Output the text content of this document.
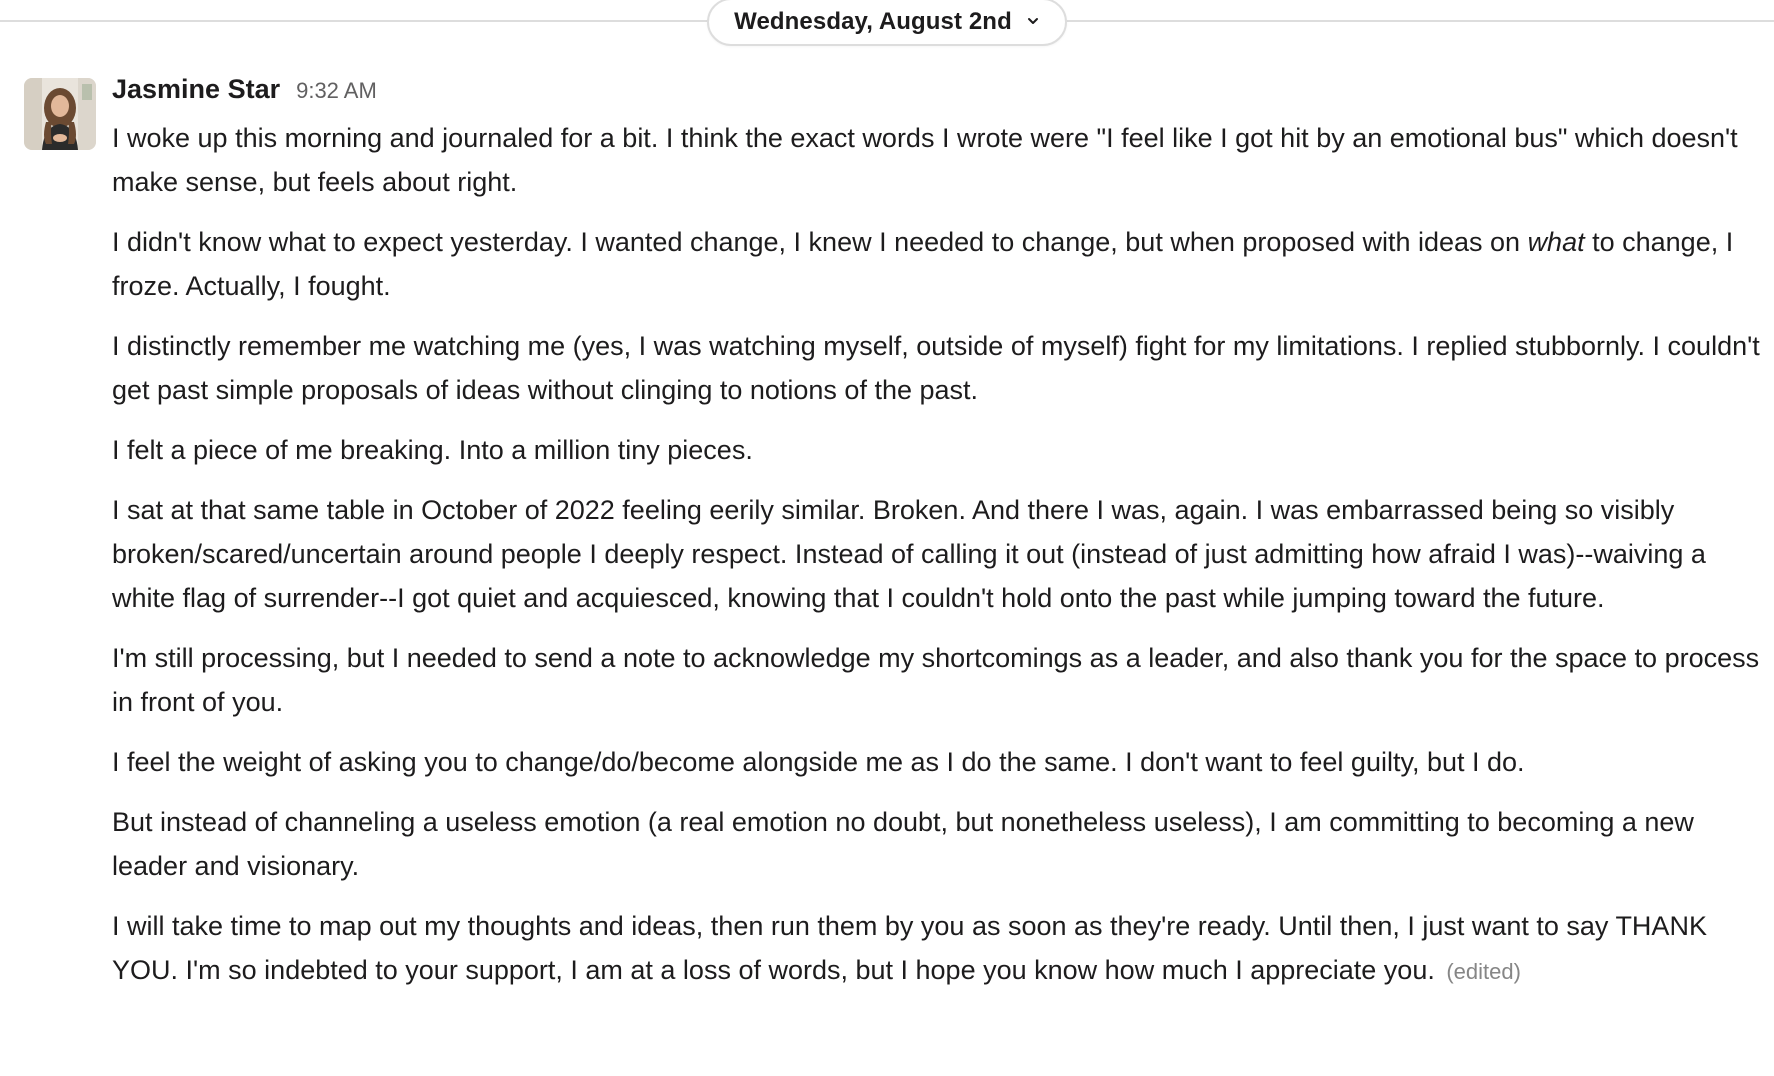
Wednesday, August 2nd
Jasmine Star 9:32 AM

I woke up this morning and journaled for a bit. I think the exact words I wrote were "I feel like I got hit by an emotional bus" which doesn't make sense, but feels about right.

I didn't know what to expect yesterday. I wanted change, I knew I needed to change, but when proposed with ideas on what to change, I froze. Actually, I fought.

I distinctly remember me watching me (yes, I was watching myself, outside of myself) fight for my limitations. I replied stubbornly. I couldn't get past simple proposals of ideas without clinging to notions of the past.

I felt a piece of me breaking. Into a million tiny pieces.

I sat at that same table in October of 2022 feeling eerily similar. Broken. And there I was, again. I was embarrassed being so visibly broken/scared/uncertain around people I deeply respect. Instead of calling it out (instead of just admitting how afraid I was)--waiving a white flag of surrender--I got quiet and acquiesced, knowing that I couldn't hold onto the past while jumping toward the future.

I'm still processing, but I needed to send a note to acknowledge my shortcomings as a leader, and also thank you for the space to process in front of you.

I feel the weight of asking you to change/do/become alongside me as I do the same. I don't want to feel guilty, but I do.

But instead of channeling a useless emotion (a real emotion no doubt, but nonetheless useless), I am committing to becoming a new leader and visionary.

I will take time to map out my thoughts and ideas, then run them by you as soon as they're ready. Until then, I just want to say THANK YOU. I'm so indebted to your support, I am at a loss of words, but I hope you know how much I appreciate you. (edited)
